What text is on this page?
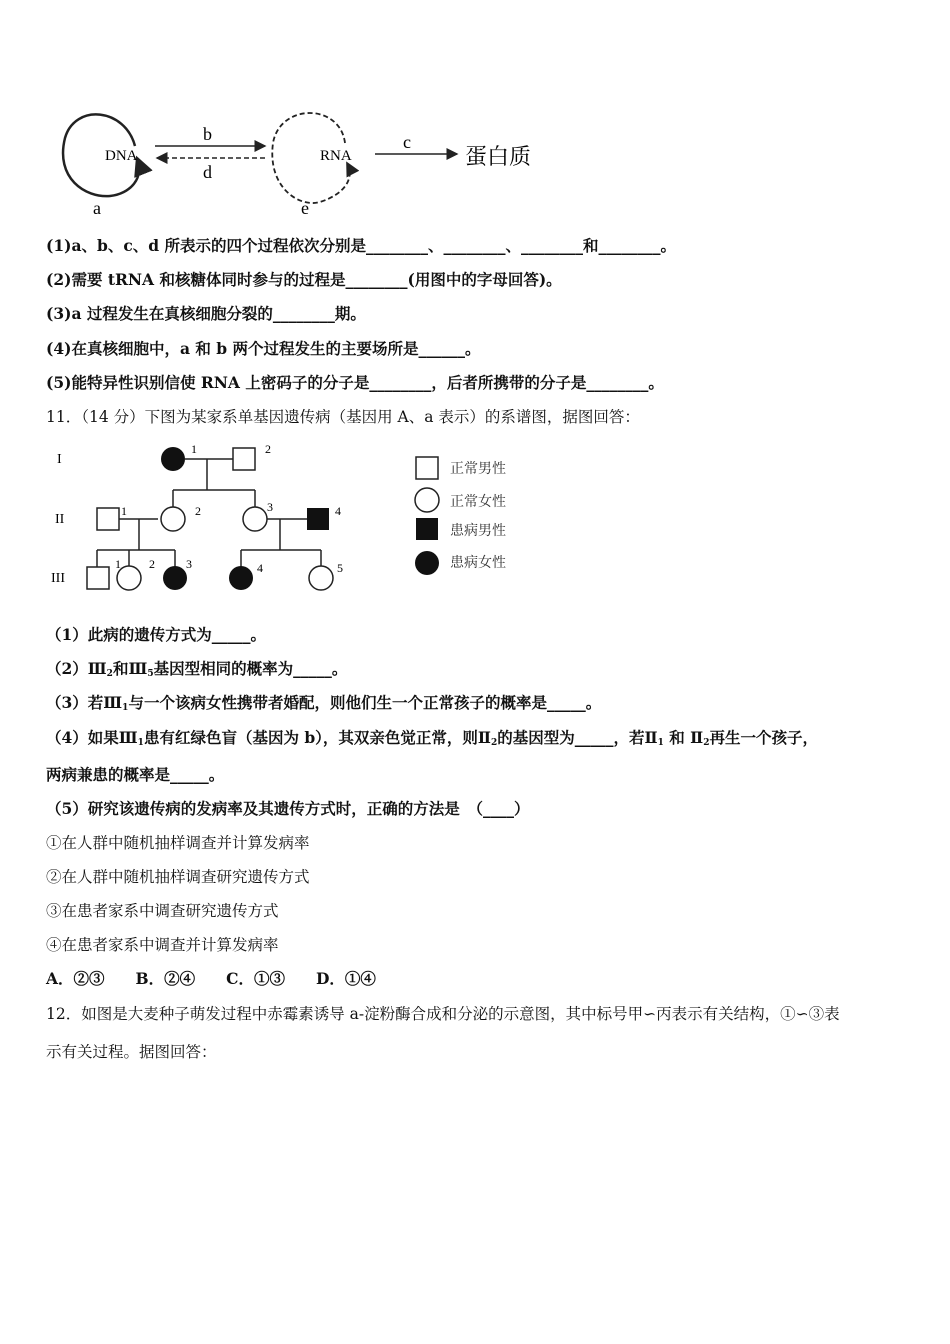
DNA
b
d
RNA
e
a
c
蛋白质
(1)a、b、c、d 所表示的四个过程依次分别是________、________、________和________。
(2)需要 tRNA 和核糖体同时参与的过程是________(用图中的字母回答)。
(3)a 过程发生在真核细胞分裂的________期。
(4)在真核细胞中，a 和 b 两个过程发生的主要场所是______。
(5)能特异性识别信使 RNA 上密码子的分子是________，后者所携带的分子是________。
11．（14 分）下图为某家系单基因遗传病（基因用 A、a 表示）的系谱图，据图回答：
I
II
III
1	2
1	2	3	4
1 2	3	4	5
正常男性
正常女性
患病男性
患病女性
（1）此病的遗传方式为_____。
$(2)Ⅲ_2$和$Ⅲ_5$基因型相同的概率为_____。
（3）若$Ⅲ_1$与一个该病女性携带者婚配，则他们生一个正常孩子的概率是_____。
（4）如果$Ⅲ_1$患有红绿色盲（基因为 b），其双亲色觉正常，则$Ⅱ_2$的基因型为_____，若$Ⅱ_1$ 和 $Ⅱ_2$再生一个孩子，
两病兼患的概率是_____。
（5）研究该遗传病的发病率及其遗传方式时，正确的方法是　（____）
①在人群中随机抽样调查并计算发病率
②在人群中随机抽样调查研究遗传方式
③在患者家系中调查研究遗传方式
④在患者家系中调查并计算发病率
A．②③　　B．②④　　C．①③　　D．①④
12．如图是大麦种子萌发过程中赤霉素诱导 a-淀粉酶合成和分泌的示意图，其中标号甲∽丙表示有关结构，①∽③表
示有关过程。据图回答：
